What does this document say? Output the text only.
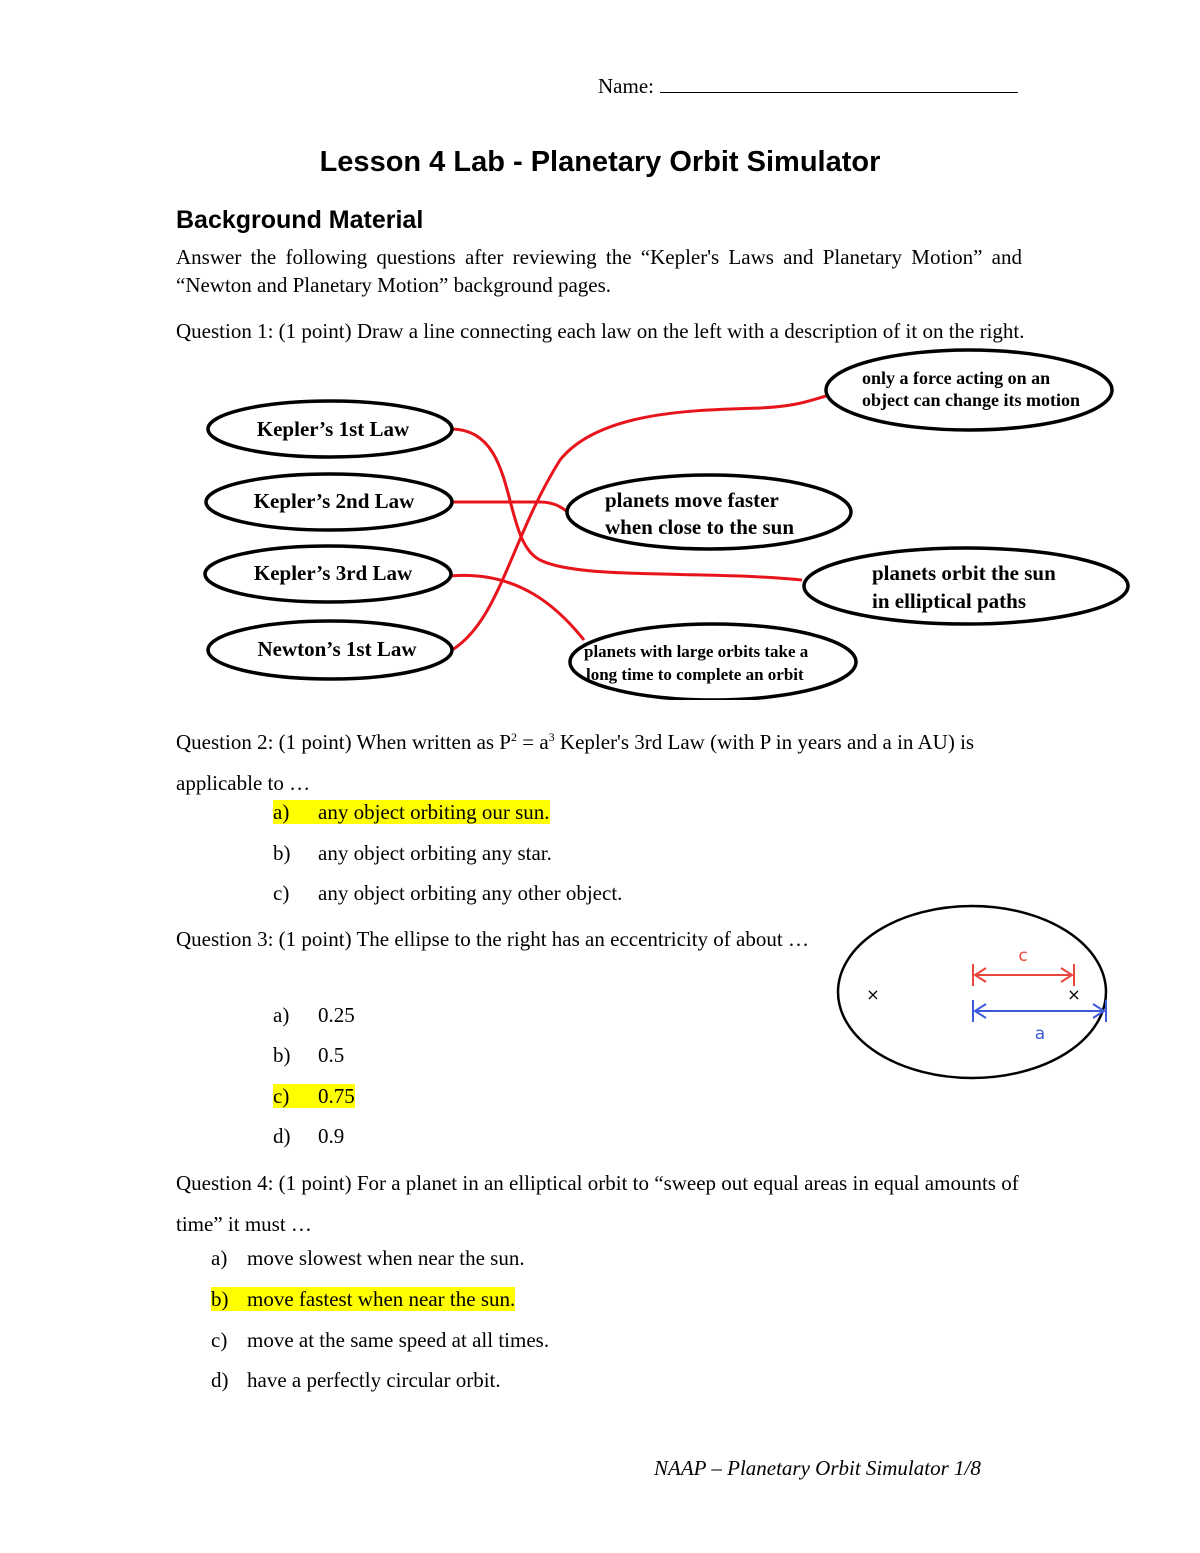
Name:
Lesson 4 Lab - Planetary Orbit Simulator
Background Material
Answer the following questions after reviewing the “Kepler's Laws and Planetary Motion” and “Newton and Planetary Motion” background pages.
Question 1: (1 point) Draw a line connecting each law on the left with a description of it on the right.
Kepler’s 1st Law
Kepler’s 2nd Law
Kepler’s 3rd Law
Newton’s 1st Law
only a force acting on an
object can change its motion
planets move faster
when close to the sun
planets orbit the sun
in elliptical paths
planets with large orbits take a
long time to complete an orbit
Question 2: (1 point) When written as $P^2 = a^3$ Kepler's 3rd Law (with P in years and a in AU) is applicable to …
a) any object orbiting our sun.
b) any object orbiting any star.
c) any object orbiting any other object.
Question 3: (1 point) The ellipse to the right has an eccentricity of about …
a) 0.25
b) 0.5
c) 0.75
d) 0.9
×	×
c
a
Question 4: (1 point) For a planet in an elliptical orbit to “sweep out equal areas in equal amounts of time” it must …
a) move slowest when near the sun.
b) move fastest when near the sun.
c) move at the same speed at all times.
d) have a perfectly circular orbit.
NAAP – Planetary Orbit Simulator 1/8
